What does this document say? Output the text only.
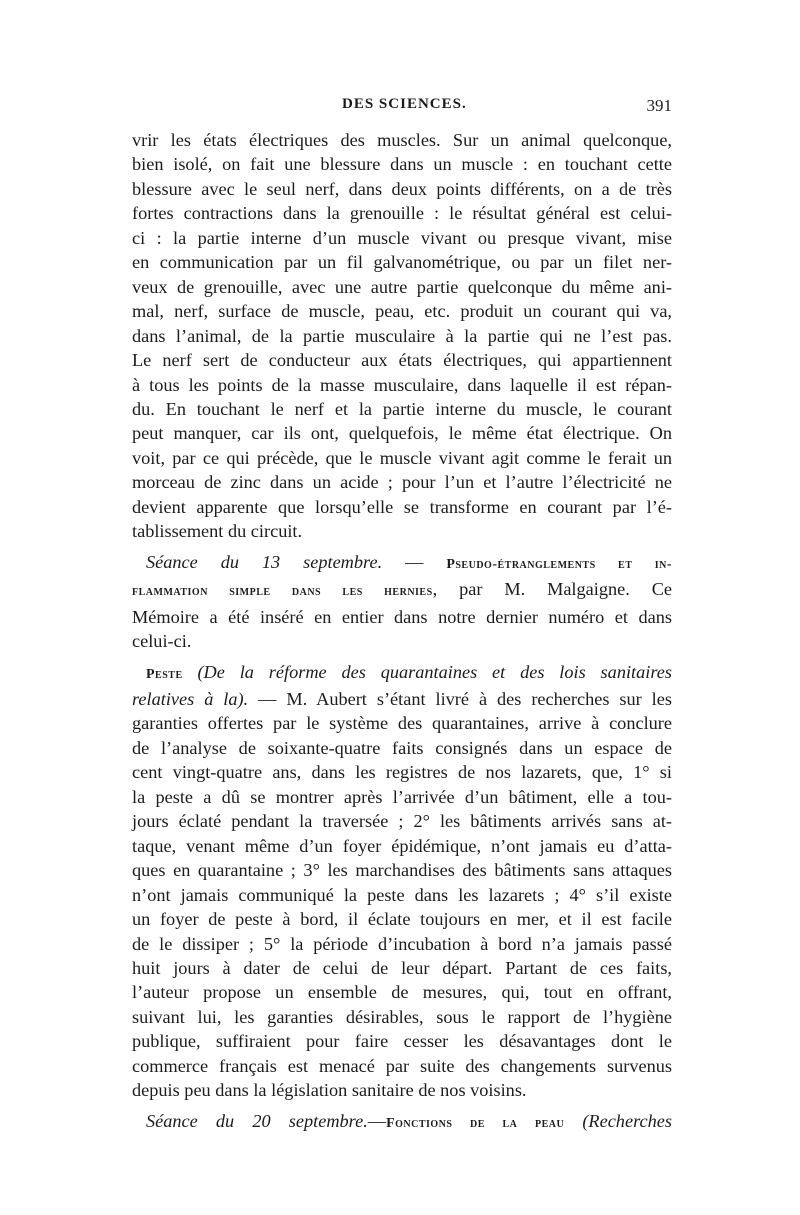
DES SCIENCES.	391
vrir les états électriques des muscles. Sur un animal quelconque,
bien isolé, on fait une blessure dans un muscle : en touchant cette
blessure avec le seul nerf, dans deux points différents, on a de très
fortes contractions dans la grenouille : le résultat général est celui-
ci : la partie interne d’un muscle vivant ou presque vivant, mise
en communication par un fil galvanométrique, ou par un filet ner-
veux de grenouille, avec une autre partie quelconque du même ani-
mal, nerf, surface de muscle, peau, etc. produit un courant qui va,
dans l’animal, de la partie musculaire à la partie qui ne l’est pas.
Le nerf sert de conducteur aux états électriques, qui appartiennent
à tous les points de la masse musculaire, dans laquelle il est répan-
du. En touchant le nerf et la partie interne du muscle, le courant
peut manquer, car ils ont, quelquefois, le même état électrique. On
voit, par ce qui précède, que le muscle vivant agit comme le ferait un
morceau de zinc dans un acide ; pour l’un et l’autre l’électricité ne
devient apparente que lorsqu’elle se transforme en courant par l’é-
tablissement du circuit.
Séance du 13 septembre. — Pseudo-étranglements et in-
flammation simple dans les hernies, par M. Malgaigne. Ce
Mémoire a été inséré en entier dans notre dernier numéro et dans
celui-ci.
Peste (De la réforme des quarantaines et des lois sanitaires
relatives à la). — M. Aubert s’étant livré à des recherches sur les
garanties offertes par le système des quarantaines, arrive à conclure
de l’analyse de soixante-quatre faits consignés dans un espace de
cent vingt-quatre ans, dans les registres de nos lazarets, que, 1° si
la peste a dû se montrer après l’arrivée d’un bâtiment, elle a tou-
jours éclaté pendant la traversée ; 2° les bâtiments arrivés sans at-
taque, venant même d’un foyer épidémique, n’ont jamais eu d’atta-
ques en quarantaine ; 3° les marchandises des bâtiments sans attaques
n’ont jamais communiqué la peste dans les lazarets ; 4° s’il existe
un foyer de peste à bord, il éclate toujours en mer, et il est facile
de le dissiper ; 5° la période d’incubation à bord n’a jamais passé
huit jours à dater de celui de leur départ. Partant de ces faits,
l’auteur propose un ensemble de mesures, qui, tout en offrant,
suivant lui, les garanties désirables, sous le rapport de l’hygiène
publique, suffiraient pour faire cesser les désavantages dont le
commerce français est menacé par suite des changements survenus
depuis peu dans la législation sanitaire de nos voisins.
Séance du 20 septembre.—Fonctions de la peau (Recherches
